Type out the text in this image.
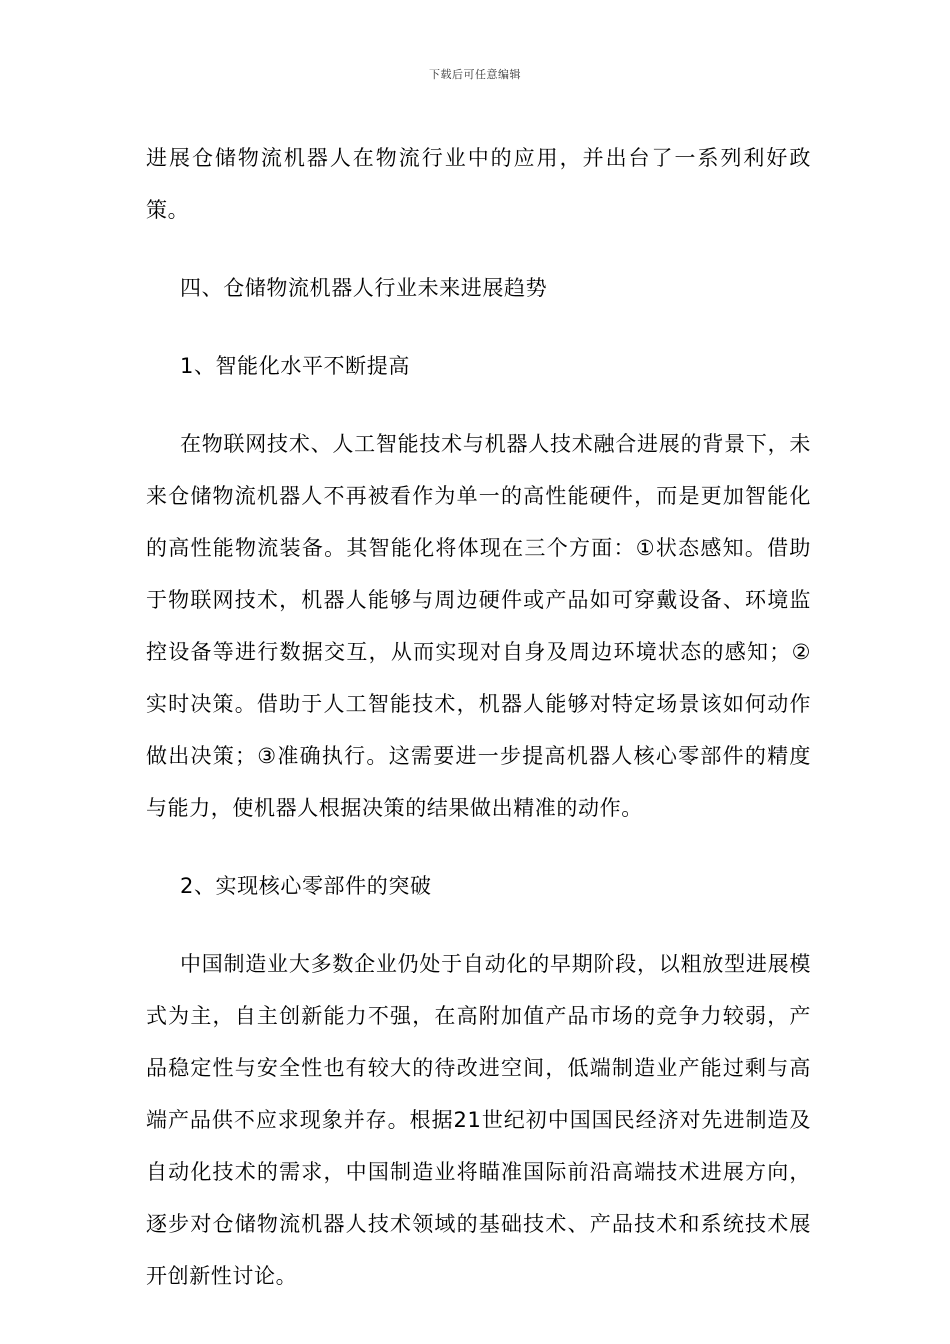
下载后可任意编辑

进展仓储物流机器人在物流行业中的应用，并出台了一系列利好政策。

四、仓储物流机器人行业未来进展趋势

1、智能化水平不断提高

在物联网技术、人工智能技术与机器人技术融合进展的背景下，未来仓储物流机器人不再被看作为单一的高性能硬件，而是更加智能化的高性能物流装备。其智能化将体现在三个方面：①状态感知。借助于物联网技术，机器人能够与周边硬件或产品如可穿戴设备、环境监控设备等进行数据交互，从而实现对自身及周边环境状态的感知；②实时决策。借助于人工智能技术，机器人能够对特定场景该如何动作做出决策；③准确执行。这需要进一步提高机器人核心零部件的精度与能力，使机器人根据决策的结果做出精准的动作。

2、实现核心零部件的突破

中国制造业大多数企业仍处于自动化的早期阶段，以粗放型进展模式为主，自主创新能力不强，在高附加值产品市场的竞争力较弱，产品稳定性与安全性也有较大的待改进空间，低端制造业产能过剩与高端产品供不应求现象并存。根据21世纪初中国国民经济对先进制造及自动化技术的需求，中国制造业将瞄准国际前沿高端技术进展方向，逐步对仓储物流机器人技术领域的基础技术、产品技术和系统技术展开创新性讨论。
